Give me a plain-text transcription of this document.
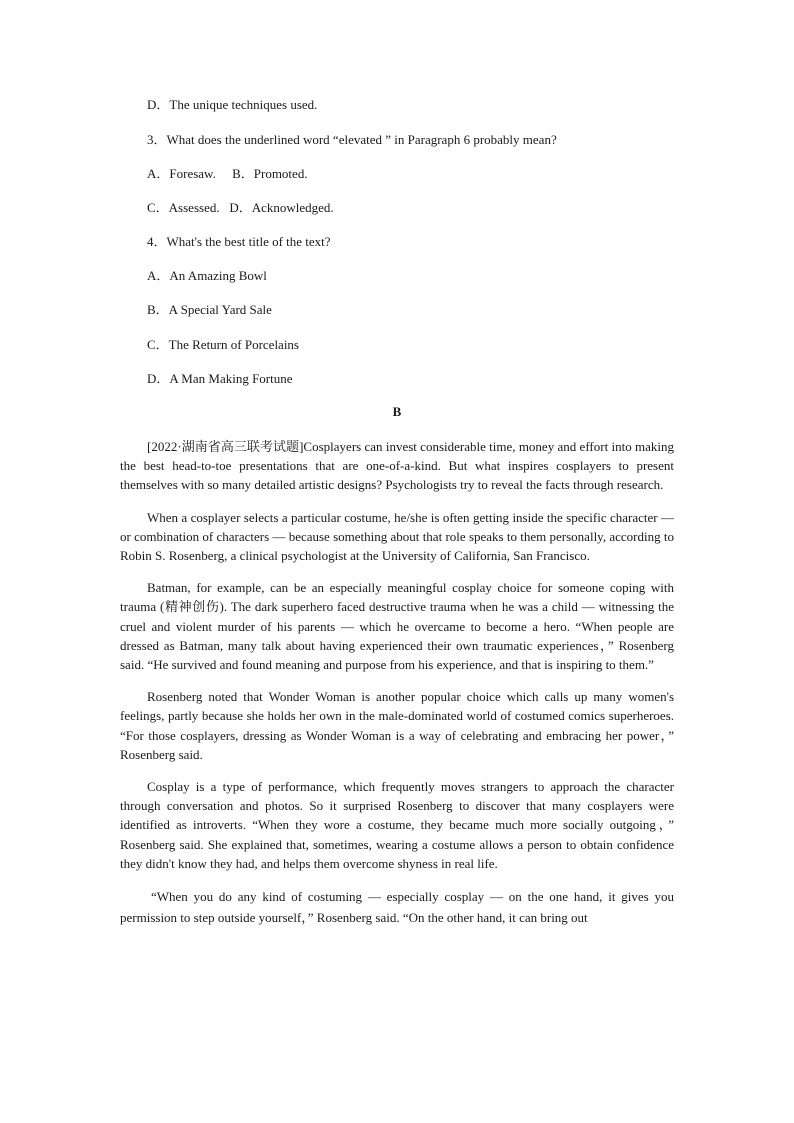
D．The unique techniques used.
3．What does the underlined word “elevated ” in Paragraph 6 probably mean?
A．Foresaw.     B．Promoted.
C．Assessed.   D．Acknowledged.
4．What's the best title of the text?
A．An Amazing Bowl
B．A Special Yard Sale
C．The Return of Porcelains
D．A Man Making Fortune
B

[2022·湖南省高三联考试题]Cosplayers can invest considerable time, money and effort into making the best head-to-toe presentations that are one-of-a-kind. But what inspires cosplayers to present themselves with so many detailed artistic designs? Psychologists try to reveal the facts through research.

When a cosplayer selects a particular costume, he/she is often getting inside the specific character — or combination of characters — because something about that role speaks to them personally, according to Robin S. Rosenberg, a clinical psychologist at the University of California, San Francisco.

Batman, for example, can be an especially meaningful cosplay choice for someone coping with trauma (精神创伤). The dark superhero faced destructive trauma when he was a child — witnessing the cruel and violent murder of his parents — which he overcame to become a hero. “When people are dressed as Batman, many talk about having experienced their own traumatic experiences，” Rosenberg said. “He survived and found meaning and purpose from his experience, and that is inspiring to them.”

Rosenberg noted that Wonder Woman is another popular choice which calls up many women's feelings, partly because she holds her own in the male-dominated world of costumed comics superheroes. “For those cosplayers, dressing as Wonder Woman is a way of celebrating and embracing her power，” Rosenberg said.

Cosplay is a type of performance, which frequently moves strangers to approach the character through conversation and photos. So it surprised Rosenberg to discover that many cosplayers were identified as introverts. “When they wore a costume, they became much more socially outgoing，” Rosenberg said. She explained that, sometimes, wearing a costume allows a person to obtain confidence they didn't know they had, and helps them overcome shyness in real life.

“When you do any kind of costuming — especially cosplay — on the one hand, it gives you permission to step outside yourself，” Rosenberg said. “On the other hand, it can bring out
